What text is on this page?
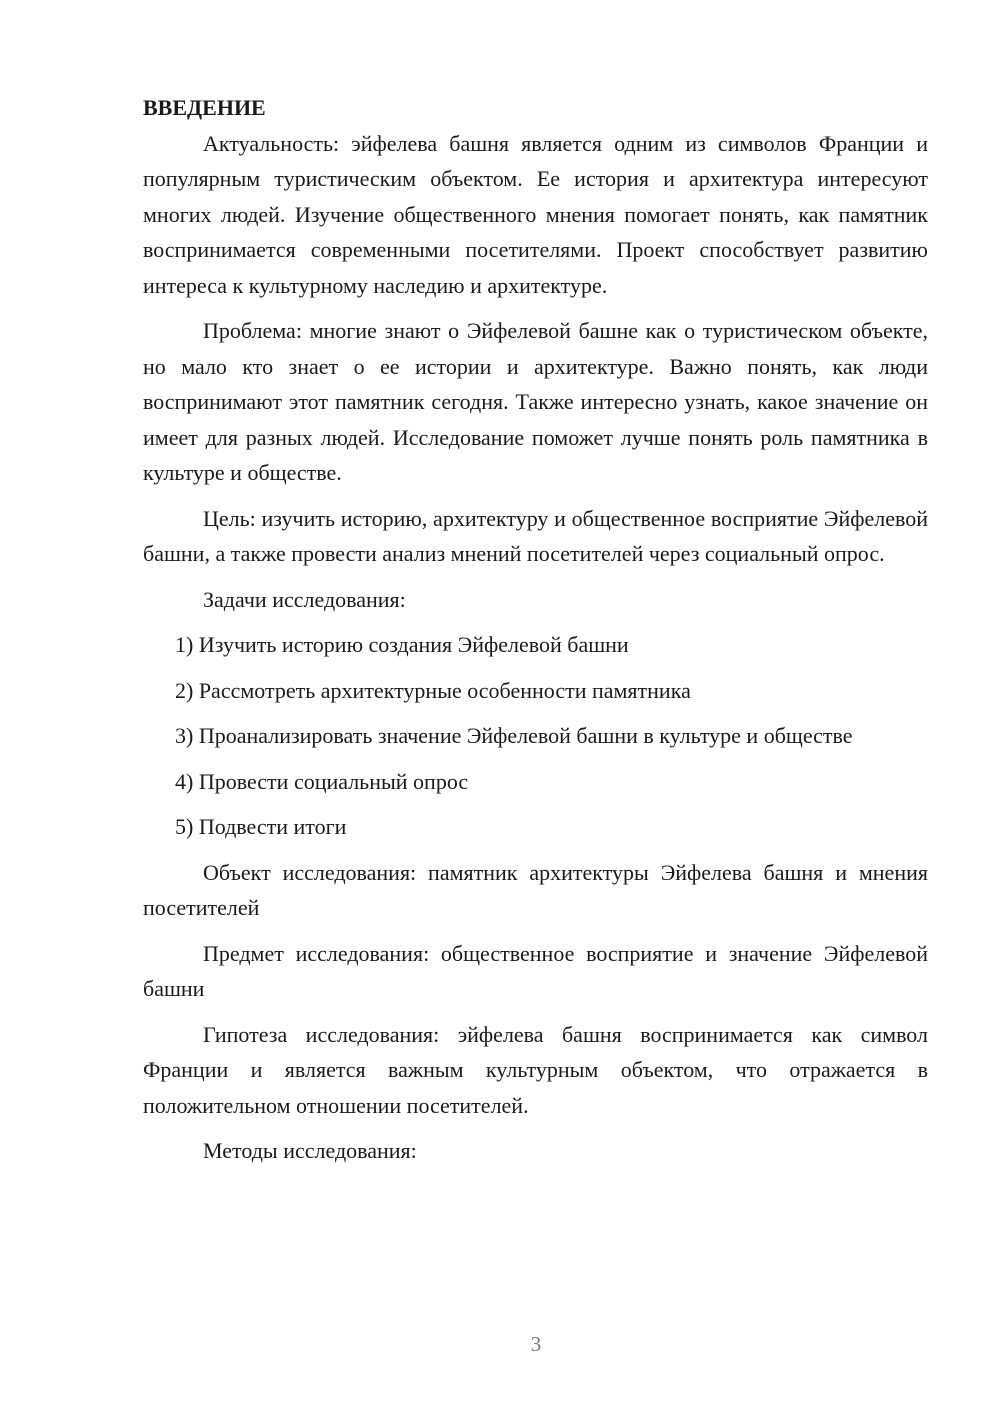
ВВЕДЕНИЕ

Актуальность: эйфелева башня является одним из символов Франции и популярным туристическим объектом. Ее история и архитектура интересуют многих людей. Изучение общественного мнения помогает понять, как памятник воспринимается современными посетителями. Проект способствует развитию интереса к культурному наследию и архитектуре.

Проблема: многие знают о Эйфелевой башне как о туристическом объекте, но мало кто знает о ее истории и архитектуре. Важно понять, как люди воспринимают этот памятник сегодня. Также интересно узнать, какое значение он имеет для разных людей. Исследование поможет лучше понять роль памятника в культуре и обществе.

Цель: изучить историю, архитектуру и общественное восприятие Эйфелевой башни, а также провести анализ мнений посетителей через социальный опрос.

Задачи исследования:

1) Изучить историю создания Эйфелевой башни

2) Рассмотреть архитектурные особенности памятника

3) Проанализировать значение Эйфелевой башни в культуре и обществе

4) Провести социальный опрос

5) Подвести итоги

Объект исследования: памятник архитектуры Эйфелева башня и мнения посетителей

Предмет исследования: общественное восприятие и значение Эйфелевой башни

Гипотеза исследования: эйфелева башня воспринимается как символ Франции и является важным культурным объектом, что отражается в положительном отношении посетителей.

Методы исследования:

3
